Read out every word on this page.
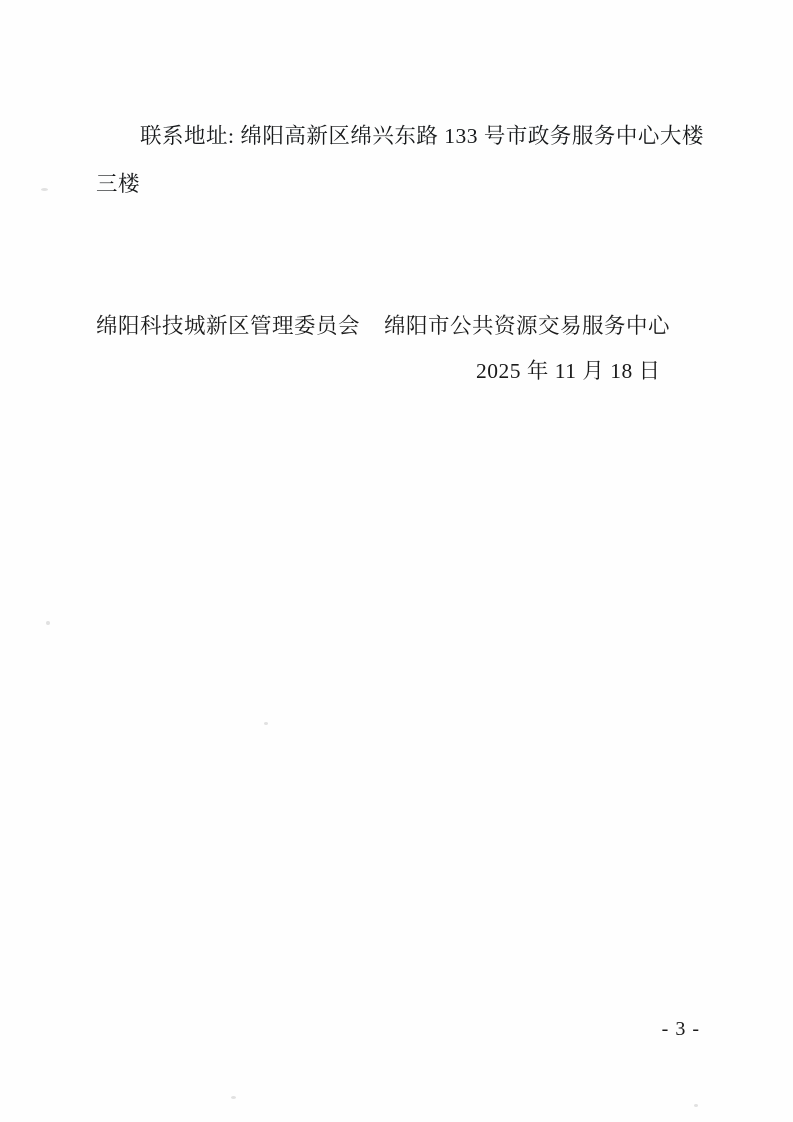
联系地址: 绵阳高新区绵兴东路 133 号市政务服务中心大楼
三楼
绵阳科技城新区管理委员会	绵阳市公共资源交易服务中心
2025 年 11 月 18 日
- 3 -
